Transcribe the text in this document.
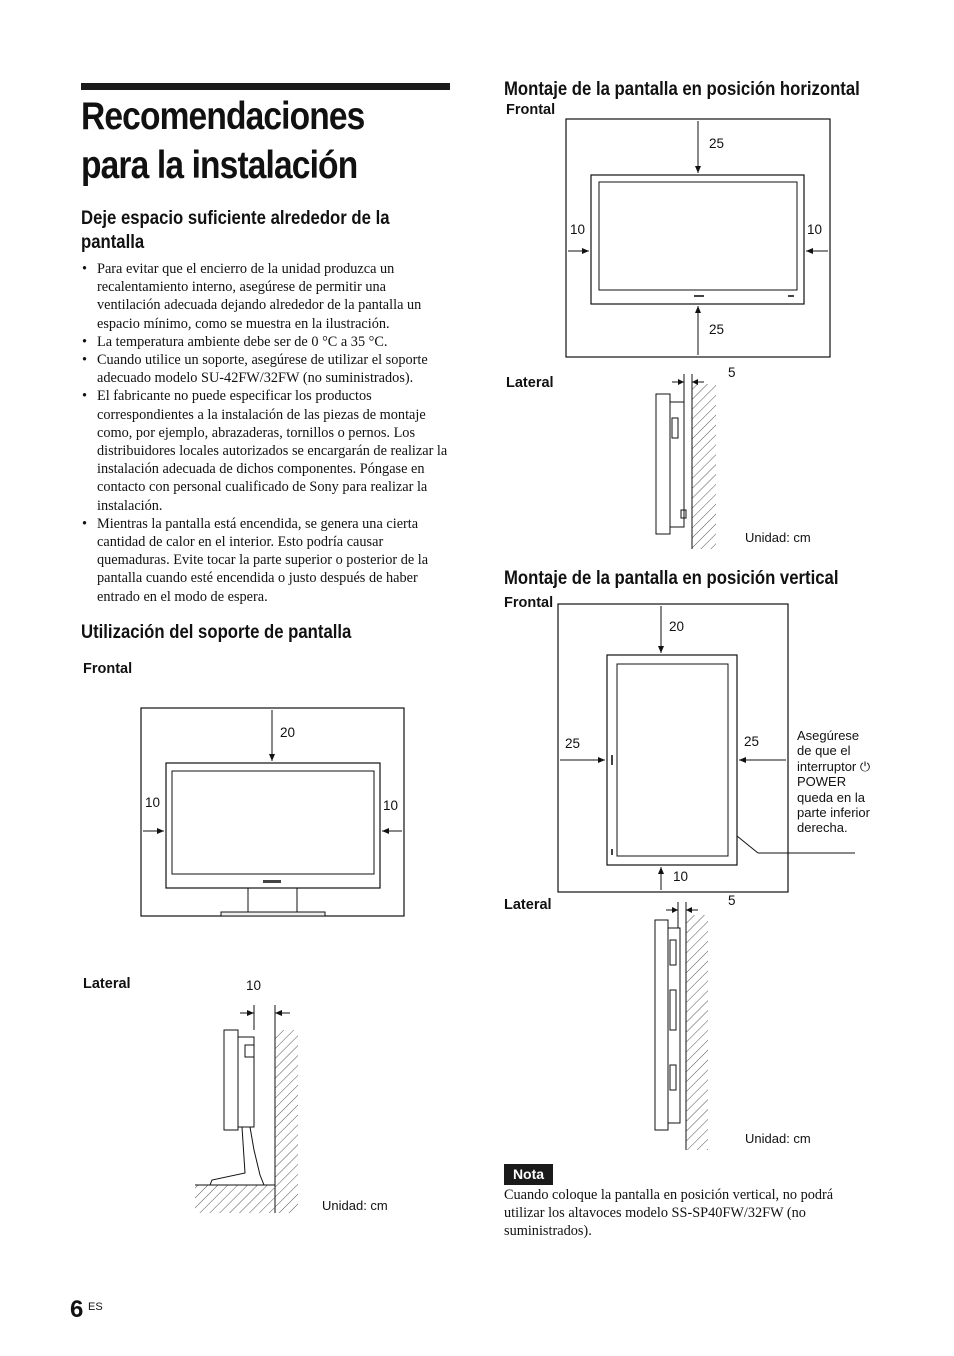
Recomendaciones para la instalación
Deje espacio suficiente alrededor de la pantalla
• Para evitar que el encierro de la unidad produzca un recalentamiento interno, asegúrese de permitir una ventilación adecuada dejando alrededor de la pantalla un espacio mínimo, como se muestra en la ilustración.
• La temperatura ambiente debe ser de 0 °C a 35 °C.
• Cuando utilice un soporte, asegúrese de utilizar el soporte adecuado modelo SU-42FW/32FW (no suministrados).
• El fabricante no puede especificar los productos correspondientes a la instalación de las piezas de montaje como, por ejemplo, abrazaderas, tornillos o pernos. Los distribuidores locales autorizados se encargarán de realizar la instalación adecuada de dichos componentes. Póngase en contacto con personal cualificado de Sony para realizar la instalación.
• Mientras la pantalla está encendida, se genera una cierta cantidad de calor en el interior. Esto podría causar quemaduras. Evite tocar la parte superior o posterior de la pantalla cuando esté encendida o justo después de haber entrado en el modo de espera.
Utilización del soporte de pantalla
Frontal
20
10	10
Lateral	10
Unidad: cm
Montaje de la pantalla en posición horizontal
Frontal
25
25
10	10
Lateral
5
Unidad: cm
Montaje de la pantalla en posición vertical
Frontal
20
25	25
10
Asegúrese de que el interruptor ⏻ POWER queda en la parte inferior derecha.
Lateral	5
Unidad: cm
Nota
Cuando coloque la pantalla en posición vertical, no podrá utilizar los altavoces modelo SS-SP40FW/32FW (no suministrados).
6 ES
